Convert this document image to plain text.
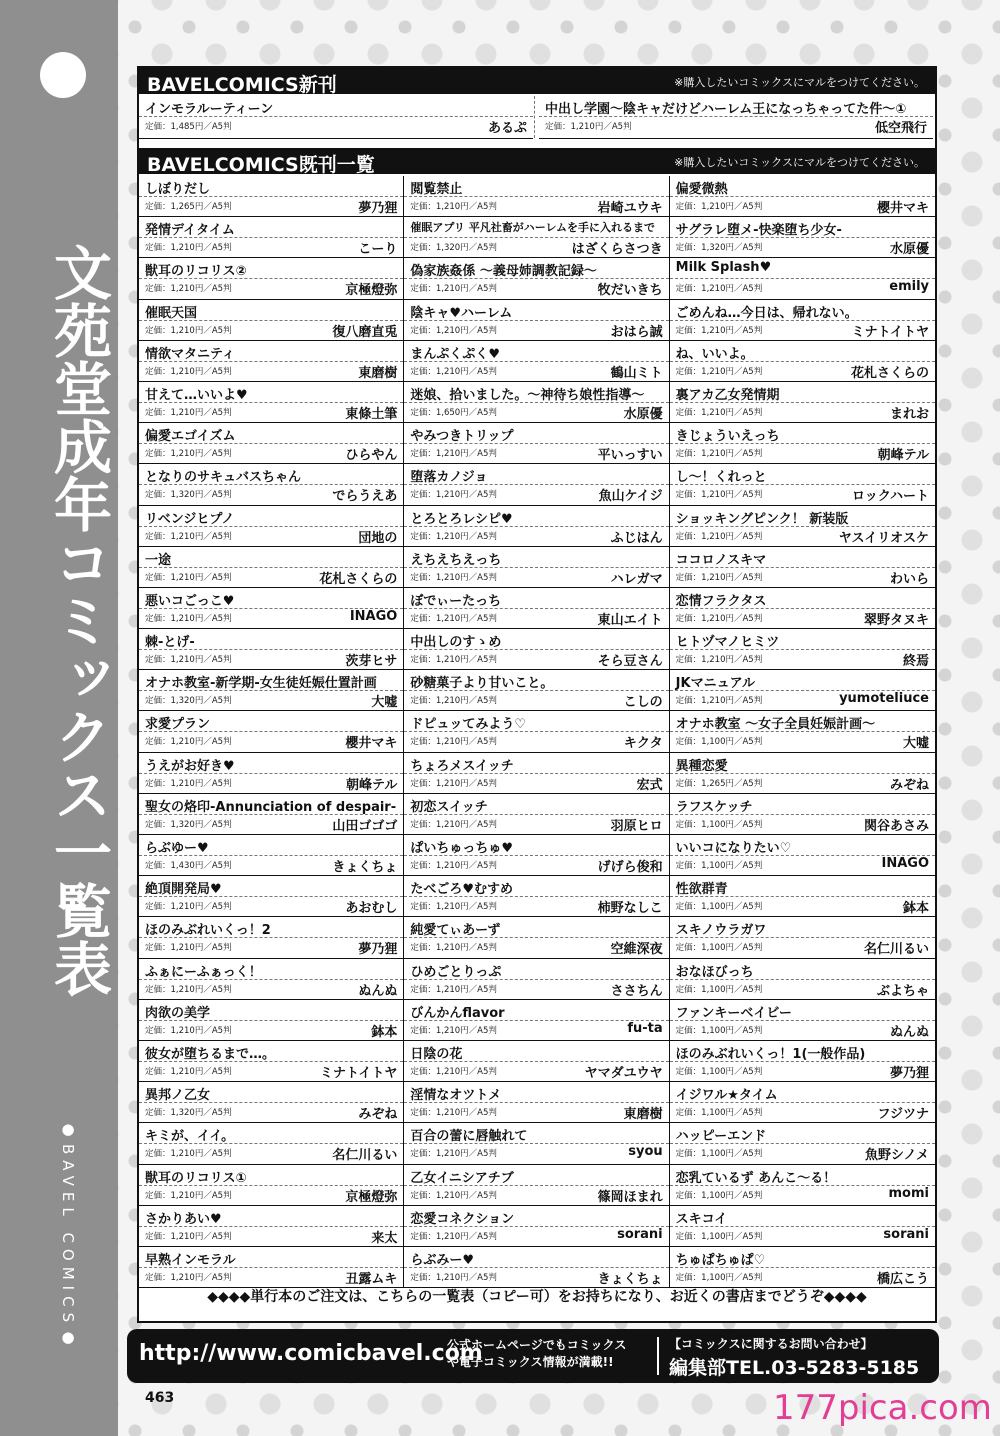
文苑堂成年コミックス一覧表
●BAVEL COMICS●
BAVELCOMICS新刊	※購入したいコミックスにマルをつけてください。
インモラルーティーン
定価：1,485円／A5判	あるぷ
中出し学園～陰キャだけどハーレム王になっちゃってた件～①
定価：1,210円／A5判	低空飛行
BAVELCOMICS既刊一覧	※購入したいコミックスにマルをつけてください。
しぼりだし
定価：1,265円／A5判	夢乃狸
発情デイタイム
定価：1,210円／A5判	こーり
獣耳のリコリス②
定価：1,210円／A5判	京極燈弥
催眠天国
定価：1,210円／A5判	復八磨直兎
情欲マタニティ
定価：1,210円／A5判	東磨樹
甘えて…いいよ♥
定価：1,210円／A5判	東條土筆
偏愛エゴイズム
定価：1,210円／A5判	ひらやん
となりのサキュバスちゃん
定価：1,320円／A5判	でらうえあ
リベンジヒプノ
定価：1,210円／A5判	団地の
一途
定価：1,210円／A5判	花札さくらの
悪いコごっこ♥
定価：1,210円／A5判	INAGO
棘-とげ-
定価：1,210円／A5判	茨芽ヒサ
オナホ教室-新学期-女生徒妊娠仕置計画
定価：1,320円／A5判	大嘘
求愛プラン
定価：1,210円／A5判	櫻井マキ
うえがお好き♥
定価：1,210円／A5判	朝峰テル
聖女の烙印-Annunciation of despair-
定価：1,320円／A5判	山田ゴゴゴ
らぶゆー♥
定価：1,430円／A5判	きょくちょ
絶頂開発局♥
定価：1,210円／A5判	あおむし
ほのみぶれいくっ！2
定価：1,210円／A5判	夢乃狸
ふぁにーふぁっく！
定価：1,210円／A5判	ぬんぬ
肉欲の美学
定価：1,210円／A5判	鉢本
彼女が堕ちるまで…。
定価：1,210円／A5判	ミナトイトヤ
異邦ノ乙女
定価：1,320円／A5判	みぞね
キミが、イイ。
定価：1,210円／A5判	名仁川るい
獣耳のリコリス①
定価：1,210円／A5判	京極燈弥
さかりあい♥
定価：1,210円／A5判	来太
早熟インモラル
定価：1,210円／A5判	丑露ムキ
閲覧禁止
定価：1,210円／A5判	岩崎ユウキ
催眠アプリ 平凡社畜がハーレムを手に入れるまで
定価：1,320円／A5判	はざくらさつき
偽家族姦係 ～義母姉調教記録～
定価：1,210円／A5判	牧だいきち
陰キャ♥ハーレム
定価：1,210円／A5判	おはら誠
まんぷくぷく♥
定価：1,210円／A5判	鶴山ミト
迷娘、拾いました。～神待ち娘性指導～
定価：1,650円／A5判	水原優
やみつきトリップ
定価：1,210円／A5判	平いっすい
堕落カノジョ
定価：1,210円／A5判	魚山ケイジ
とろとろレシピ♥
定価：1,210円／A5判	ふじはん
えちえちえっち
定価：1,210円／A5判	ハレガマ
ぼでぃーたっち
定価：1,210円／A5判	東山エイト
中出しのすゝめ
定価：1,210円／A5判	そら豆さん
砂糖菓子より甘いこと。
定価：1,210円／A5判	こしの
ドピュッてみよう♡
定価：1,210円／A5判	キクタ
ちょろメスイッチ
定価：1,210円／A5判	宏式
初恋スイッチ
定価：1,210円／A5判	羽原ヒロ
ぱいちゅっちゅ♥
定価：1,210円／A5判	げげら俊和
たべごろ♥むすめ
定価：1,210円／A5判	柿野なしこ
純愛てぃあーず
定価：1,210円／A5判	空維深夜
ひめごとりっぷ
定価：1,210円／A5判	ささちん
びんかんflavor
定価：1,210円／A5判	fu-ta
日陰の花
定価：1,210円／A5判	ヤマダユウヤ
淫情なオツトメ
定価：1,210円／A5判	東磨樹
百合の蕾に唇触れて
定価：1,210円／A5判	syou
乙女イニシアチブ
定価：1,210円／A5判	篠岡ほまれ
恋愛コネクション
定価：1,210円／A5判	sorani
らぶみー♥
定価：1,210円／A5判	きょくちょ
偏愛微熱
定価：1,210円／A5判	櫻井マキ
サグラレ堕メ-快楽堕ち少女-
定価：1,320円／A5判	水原優
Milk Splash♥
定価：1,210円／A5判	emily
ごめんね…今日は、帰れない。
定価：1,210円／A5判	ミナトイトヤ
ね、いいよ。
定価：1,210円／A5判	花札さくらの
裏アカ乙女発情期
定価：1,210円／A5判	まれお
きじょういえっち
定価：1,210円／A5判	朝峰テル
し～！くれっと
定価：1,210円／A5判	ロックハート
ショッキングピンク！ 新装版
定価：1,210円／A5判	ヤスイリオスケ
ココロノスキマ
定価：1,210円／A5判	わいら
恋情フラクタス
定価：1,210円／A5判	翠野タヌキ
ヒトヅマノヒミツ
定価：1,210円／A5判	終焉
JKマニュアル
定価：1,210円／A5判	yumoteliuce
オナホ教室 ～女子全員妊娠計画～
定価：1,100円／A5判	大嘘
異種恋愛
定価：1,265円／A5判	みぞね
ラフスケッチ
定価：1,100円／A5判	関谷あさみ
いいコになりたい♡
定価：1,100円／A5判	INAGO
性欲群青
定価：1,100円／A5判	鉢本
スキノウラガワ
定価：1,100円／A5判	名仁川るい
おなほびっち
定価：1,100円／A5判	ぶよちゃ
ファンキーベイビー
定価：1,100円／A5判	ぬんぬ
ほのみぶれいくっ！1(一般作品)
定価：1,100円／A5判	夢乃狸
イジワル★タイム
定価：1,100円／A5判	フジツナ
ハッピーエンド
定価：1,100円／A5判	魚野シノメ
恋乳ているず あんこ～る！
定価：1,100円／A5判	momi
スキコイ
定価：1,100円／A5判	sorani
ちゅぱちゅぱ♡
定価：1,100円／A5判	橋広こう
◆◆◆◆単行本のご注文は、こちらの一覧表（コピー可）をお持ちになり、お近くの書店までどうぞ◆◆◆◆
http://www.comicbavel.com
公式ホームページでもコミックス
や電子コミックス情報が満載!!
【コミックスに関するお問い合わせ】
編集部TEL.03-5283-5185
463	177pica.com
